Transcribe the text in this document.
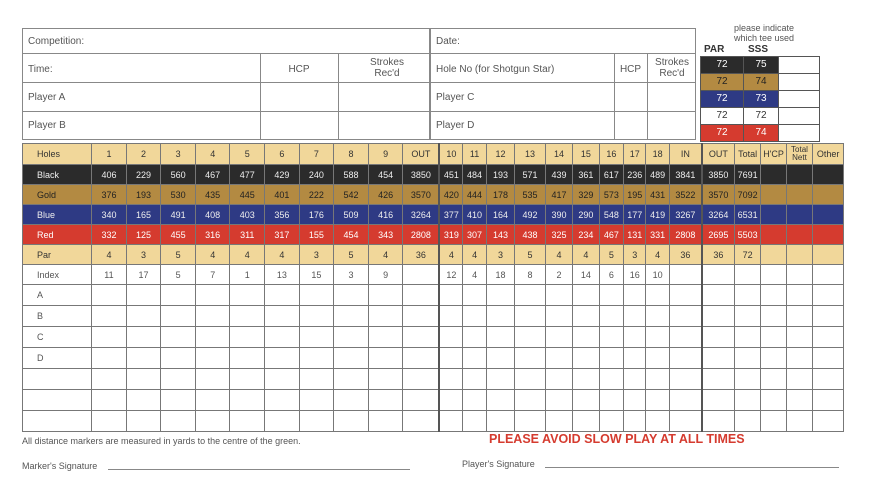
Competition:
Time:	HCP
Strokes Rec'd
Player A
Player B
Date:
Hole No (for Shotgun Star)	HCP
Strokes Rec'd
Player C
Player D
please indicate which tee used
PAR SSS
72	75
72	74
72	73
72	72
72	74
Holes	1	2	3	4	5	6	7	8	9	OUT	10	11	12	13	14	15	16	17	18	IN	OUT	Total	H'CP	Total Nett	Other
Black	406	229	560	467	477	429	240	588	454	3850	451	484	193	571	439	361	617	236	489	3841	3850	7691			
Gold	376	193	530	435	445	401	222	542	426	3570	420	444	178	535	417	329	573	195	431	3522	3570	7092			
Blue	340	165	491	408	403	356	176	509	416	3264	377	410	164	492	390	290	548	177	419	3267	3264	6531			
Red	332	125	455	316	311	317	155	454	343	2808	319	307	143	438	325	234	467	131	331	2808	2695	5503			
Par	4	3	5	4	4	4	3	5	4	36	4	4	3	5	4	4	5	3	4	36	36	72			
Index	11	17	5	7	1	13	15	3	9		12	4	18	8	2	14	6	16	10						
A																									
B																									
C																									
D																									

All distance markers are measured in yards to the centre of the green.	PLEASE AVOID SLOW PLAY AT ALL TIMES
Marker's Signature	Player's Signature
